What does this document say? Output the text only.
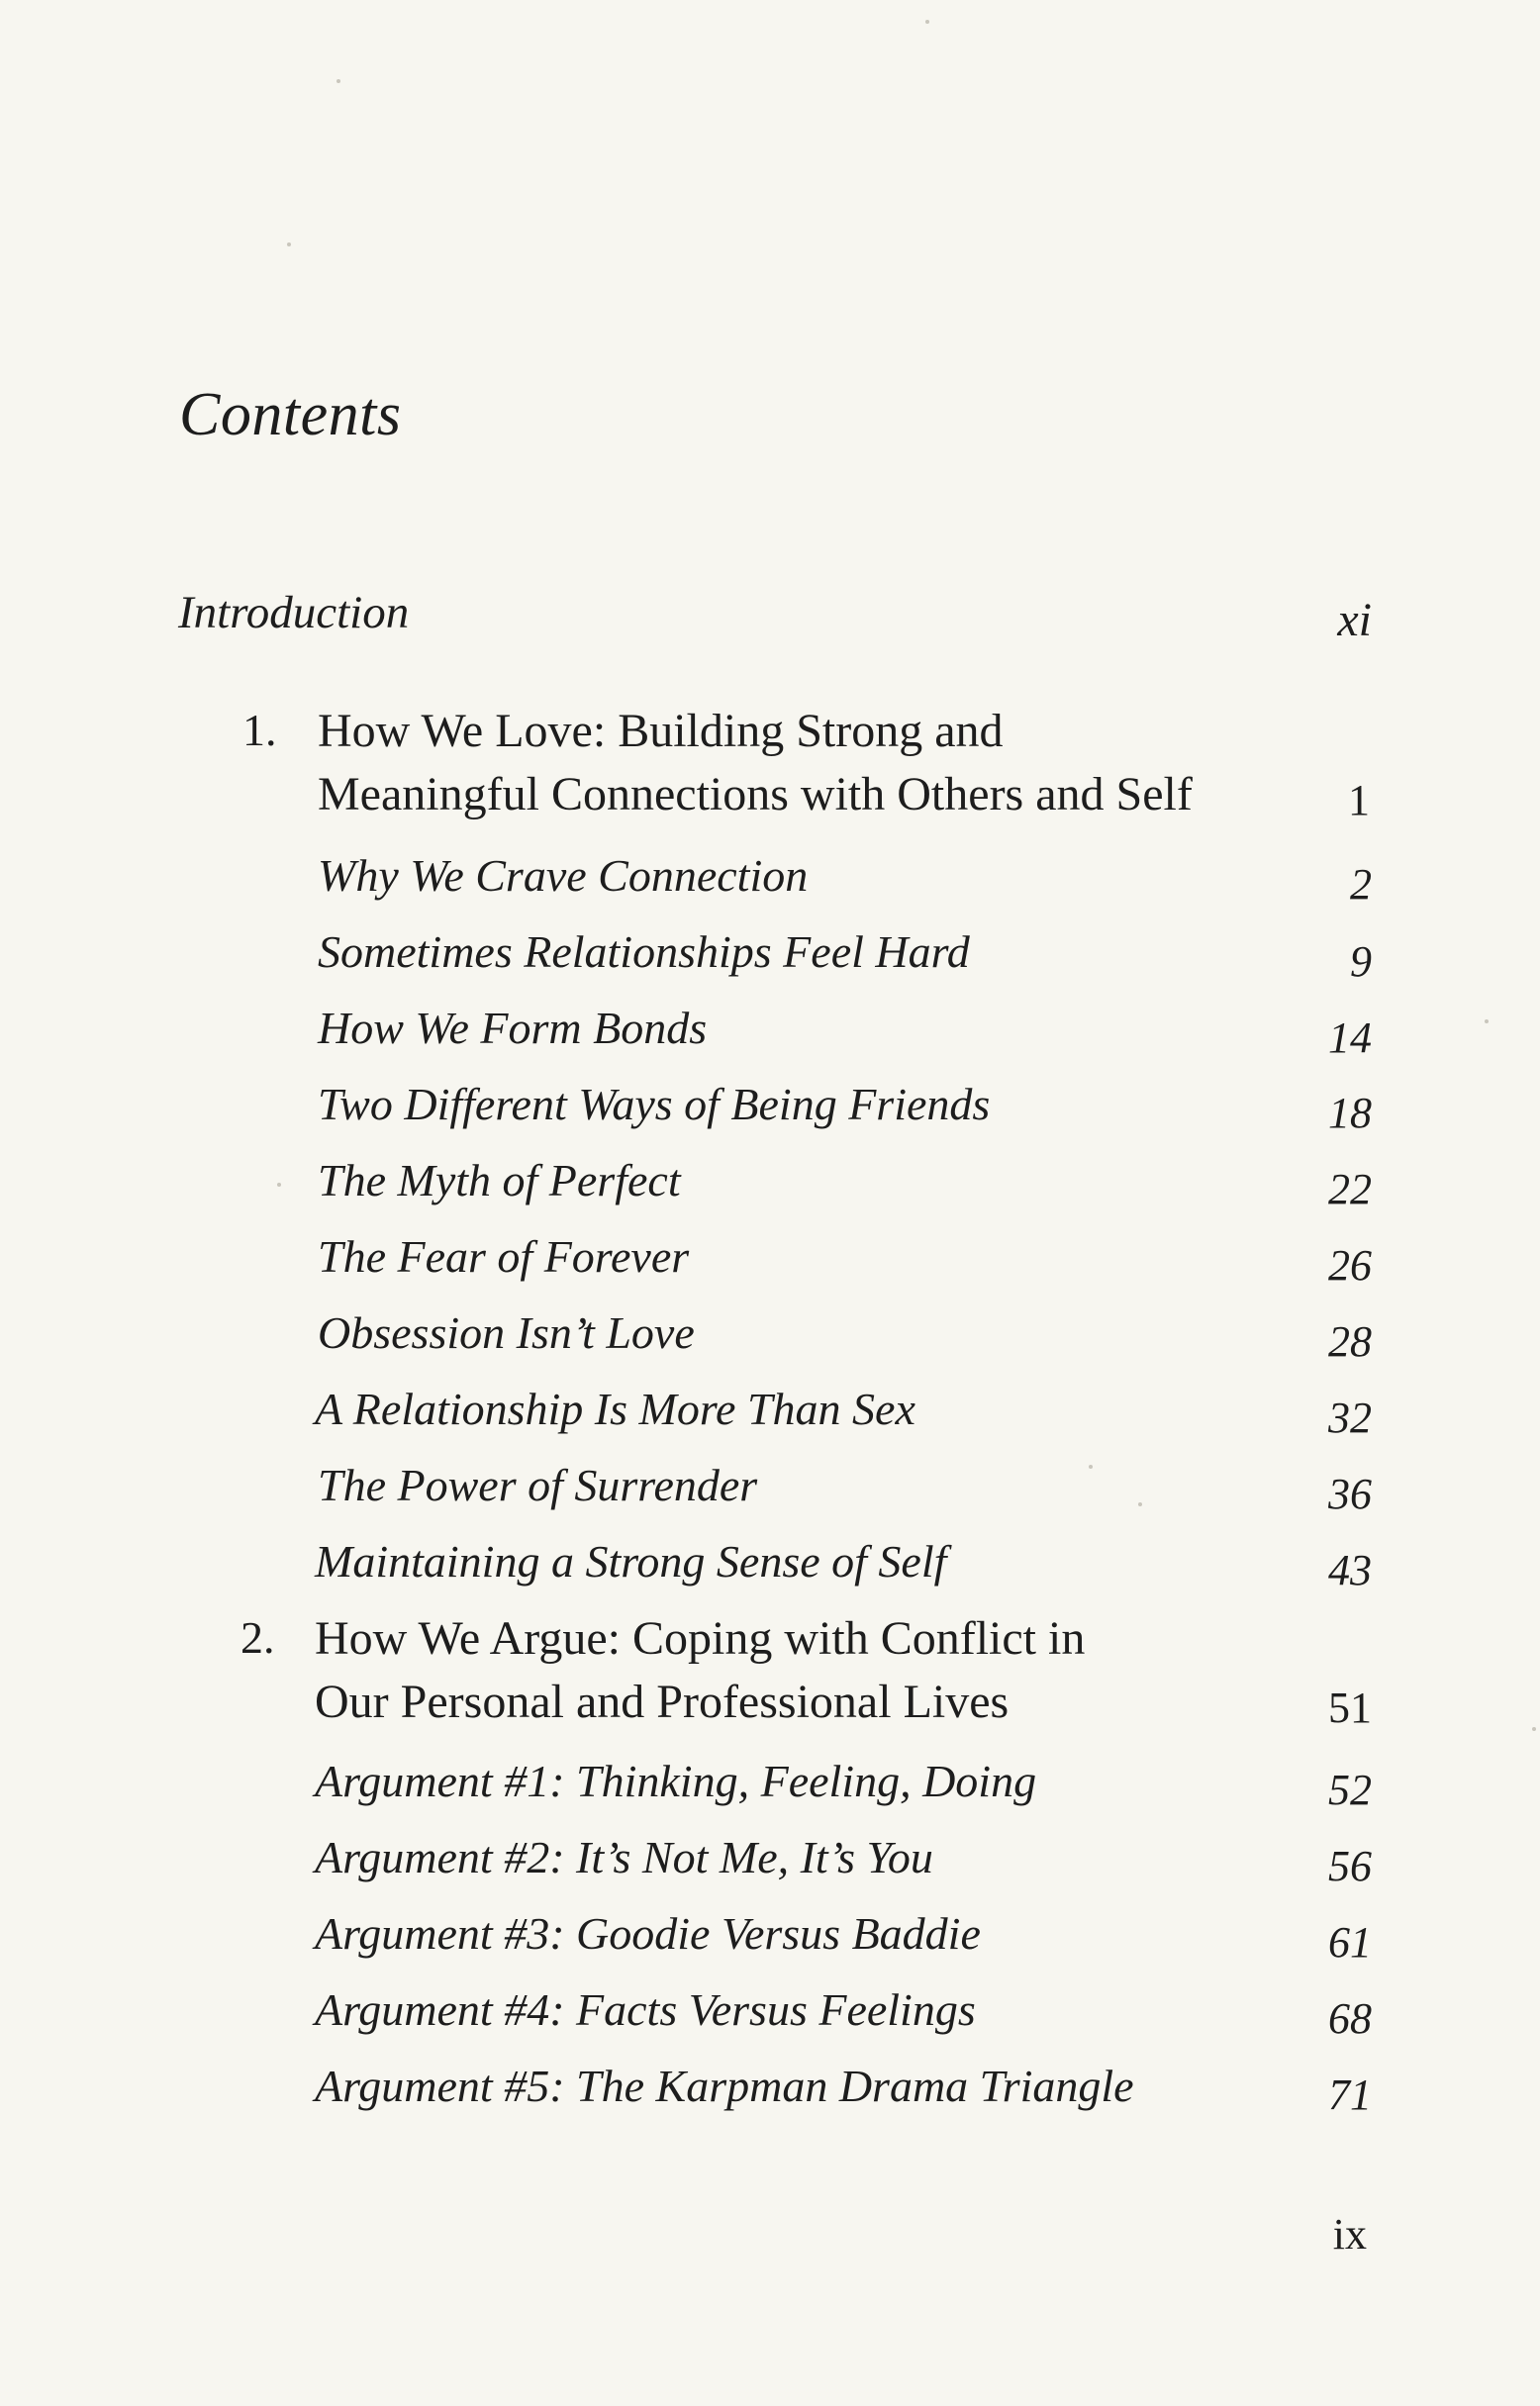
Contents
Introduction	xi
1. How We Love: Building Strong and
Meaningful Connections with Others and Self	1
Why We Crave Connection	2
Sometimes Relationships Feel Hard	9
How We Form Bonds	14
Two Different Ways of Being Friends	18
The Myth of Perfect	22
The Fear of Forever	26
Obsession Isn’t Love	28
A Relationship Is More Than Sex	32
The Power of Surrender	36
Maintaining a Strong Sense of Self	43
2. How We Argue: Coping with Conflict in
Our Personal and Professional Lives	51
Argument #1: Thinking, Feeling, Doing	52
Argument #2: It’s Not Me, It’s You	56
Argument #3: Goodie Versus Baddie	61
Argument #4: Facts Versus Feelings	68
Argument #5: The Karpman Drama Triangle	71
ix
